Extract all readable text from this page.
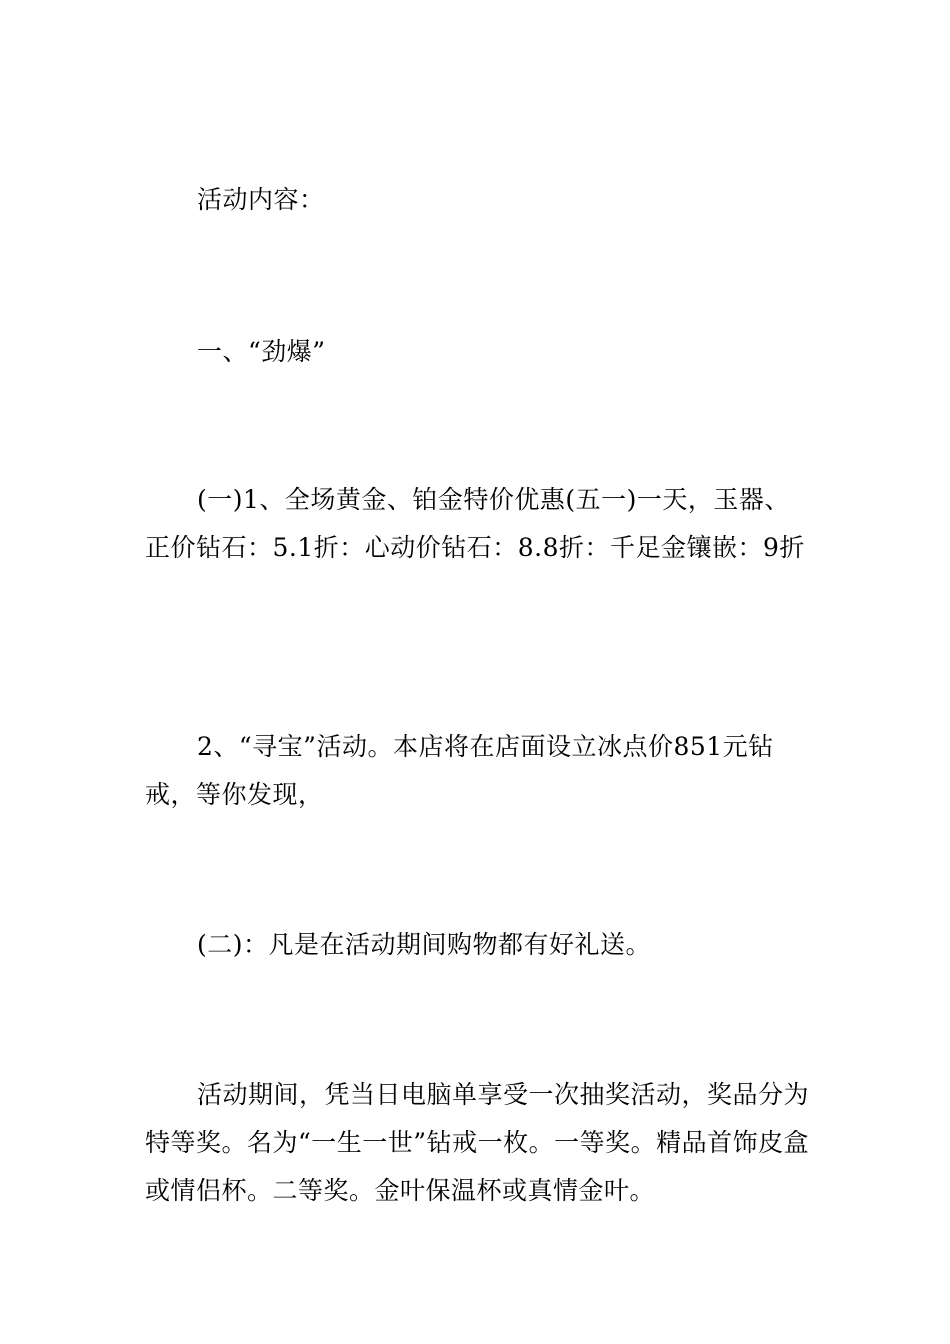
活动内容：

一、“劲爆”

(一)1、全场黄金、铂金特价优惠(五一)一天，玉器、正价钻石：5.1折：心动价钻石：8.8折：千足金镶嵌：9折

2、“寻宝”活动。本店将在店面设立冰点价851元钻戒，等你发现，

(二)：凡是在活动期间购物都有好礼送。

活动期间，凭当日电脑单享受一次抽奖活动，奖品分为特等奖。名为“一生一世”钻戒一枚。一等奖。精品首饰皮盒或情侣杯。二等奖。金叶保温杯或真情金叶。
